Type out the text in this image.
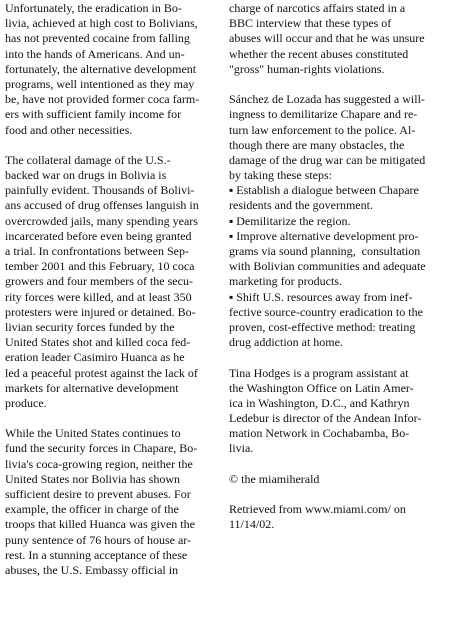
Unfortunately, the eradication in Bo-
livia, achieved at high cost to Bolivians,
has not prevented cocaine from falling
into the hands of Americans. And un-
fortunately, the alternative development
programs, well intentioned as they may
be, have not provided former coca farm-
ers with sufficient family income for
food and other necessities.
The collateral damage of the U.S.-
backed war on drugs in Bolivia is
painfully evident. Thousands of Bolivi-
ans accused of drug offenses languish in
overcrowded jails, many spending years
incarcerated before even being granted
a trial. In confrontations between Sep-
tember 2001 and this February, 10 coca
growers and four members of the secu-
rity forces were killed, and at least 350
protesters were injured or detained. Bo-
livian security forces funded by the
United States shot and killed coca fed-
eration leader Casimiro Huanca as he
led a peaceful protest against the lack of
markets for alternative development
produce.
While the United States continues to
fund the security forces in Chapare, Bo-
livia's coca-growing region, neither the
United States nor Bolivia has shown
sufficient desire to prevent abuses. For
example, the officer in charge of the
troops that killed Huanca was given the
puny sentence of 76 hours of house ar-
rest. In a stunning acceptance of these
abuses, the U.S. Embassy official in
charge of narcotics affairs stated in a
BBC interview that these types of
abuses will occur and that he was unsure
whether the recent abuses constituted
"gross" human-rights violations.
Sánchez de Lozada has suggested a will-
ingness to demilitarize Chapare and re-
turn law enforcement to the police. Al-
though there are many obstacles, the
damage of the drug war can be mitigated
by taking these steps:
▪ Establish a dialogue between Chapare
residents and the government.
▪ Demilitarize the region.
▪ Improve alternative development pro-
grams via sound planning,  consultation
with Bolivian communities and adequate
marketing for products.
▪ Shift U.S. resources away from inef-
fective source-country eradication to the
proven, cost-effective method: treating
drug addiction at home.
Tina Hodges is a program assistant at
the Washington Office on Latin Amer-
ica in Washington, D.C., and Kathryn
Ledebur is director of the Andean Infor-
mation Network in Cochabamba, Bo-
livia.
© the miamiherald
Retrieved from www.miami.com/ on
11/14/02.
